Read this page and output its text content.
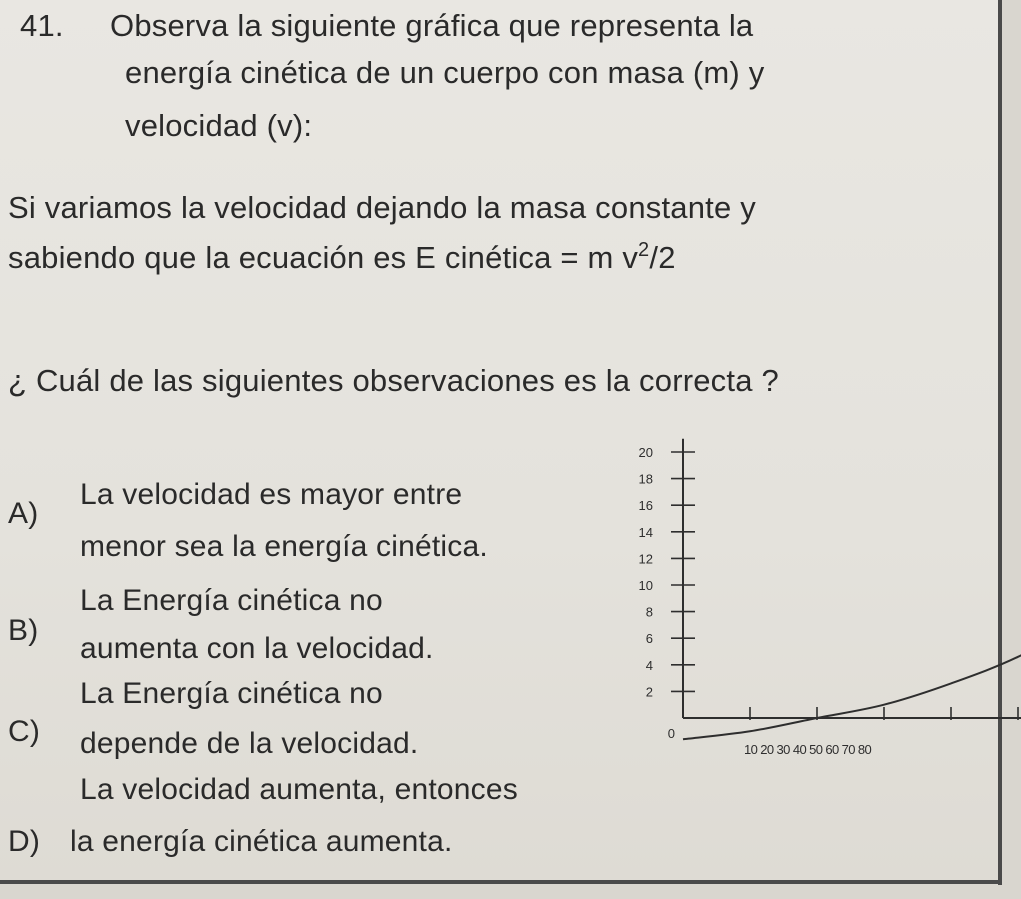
41. Observa la siguiente gráfica que representa la
energía cinética de un cuerpo con masa (m) y
velocidad (v):
Si variamos la velocidad dejando la masa constante y
sabiendo que la ecuación es E cinética = m $v^2/2$
¿ Cuál de las siguientes observaciones es la correcta ?
A)
La velocidad es mayor entre
menor sea la energía cinética.
B)
La Energía cinética no
aumenta con la velocidad.
C)
La Energía cinética no
depende de la velocidad.
La velocidad aumenta, entonces
D) la energía cinética aumenta.
2
4
6
8
10
12
14
16
18
20
10 20 30 40 50 60 70 80
0
